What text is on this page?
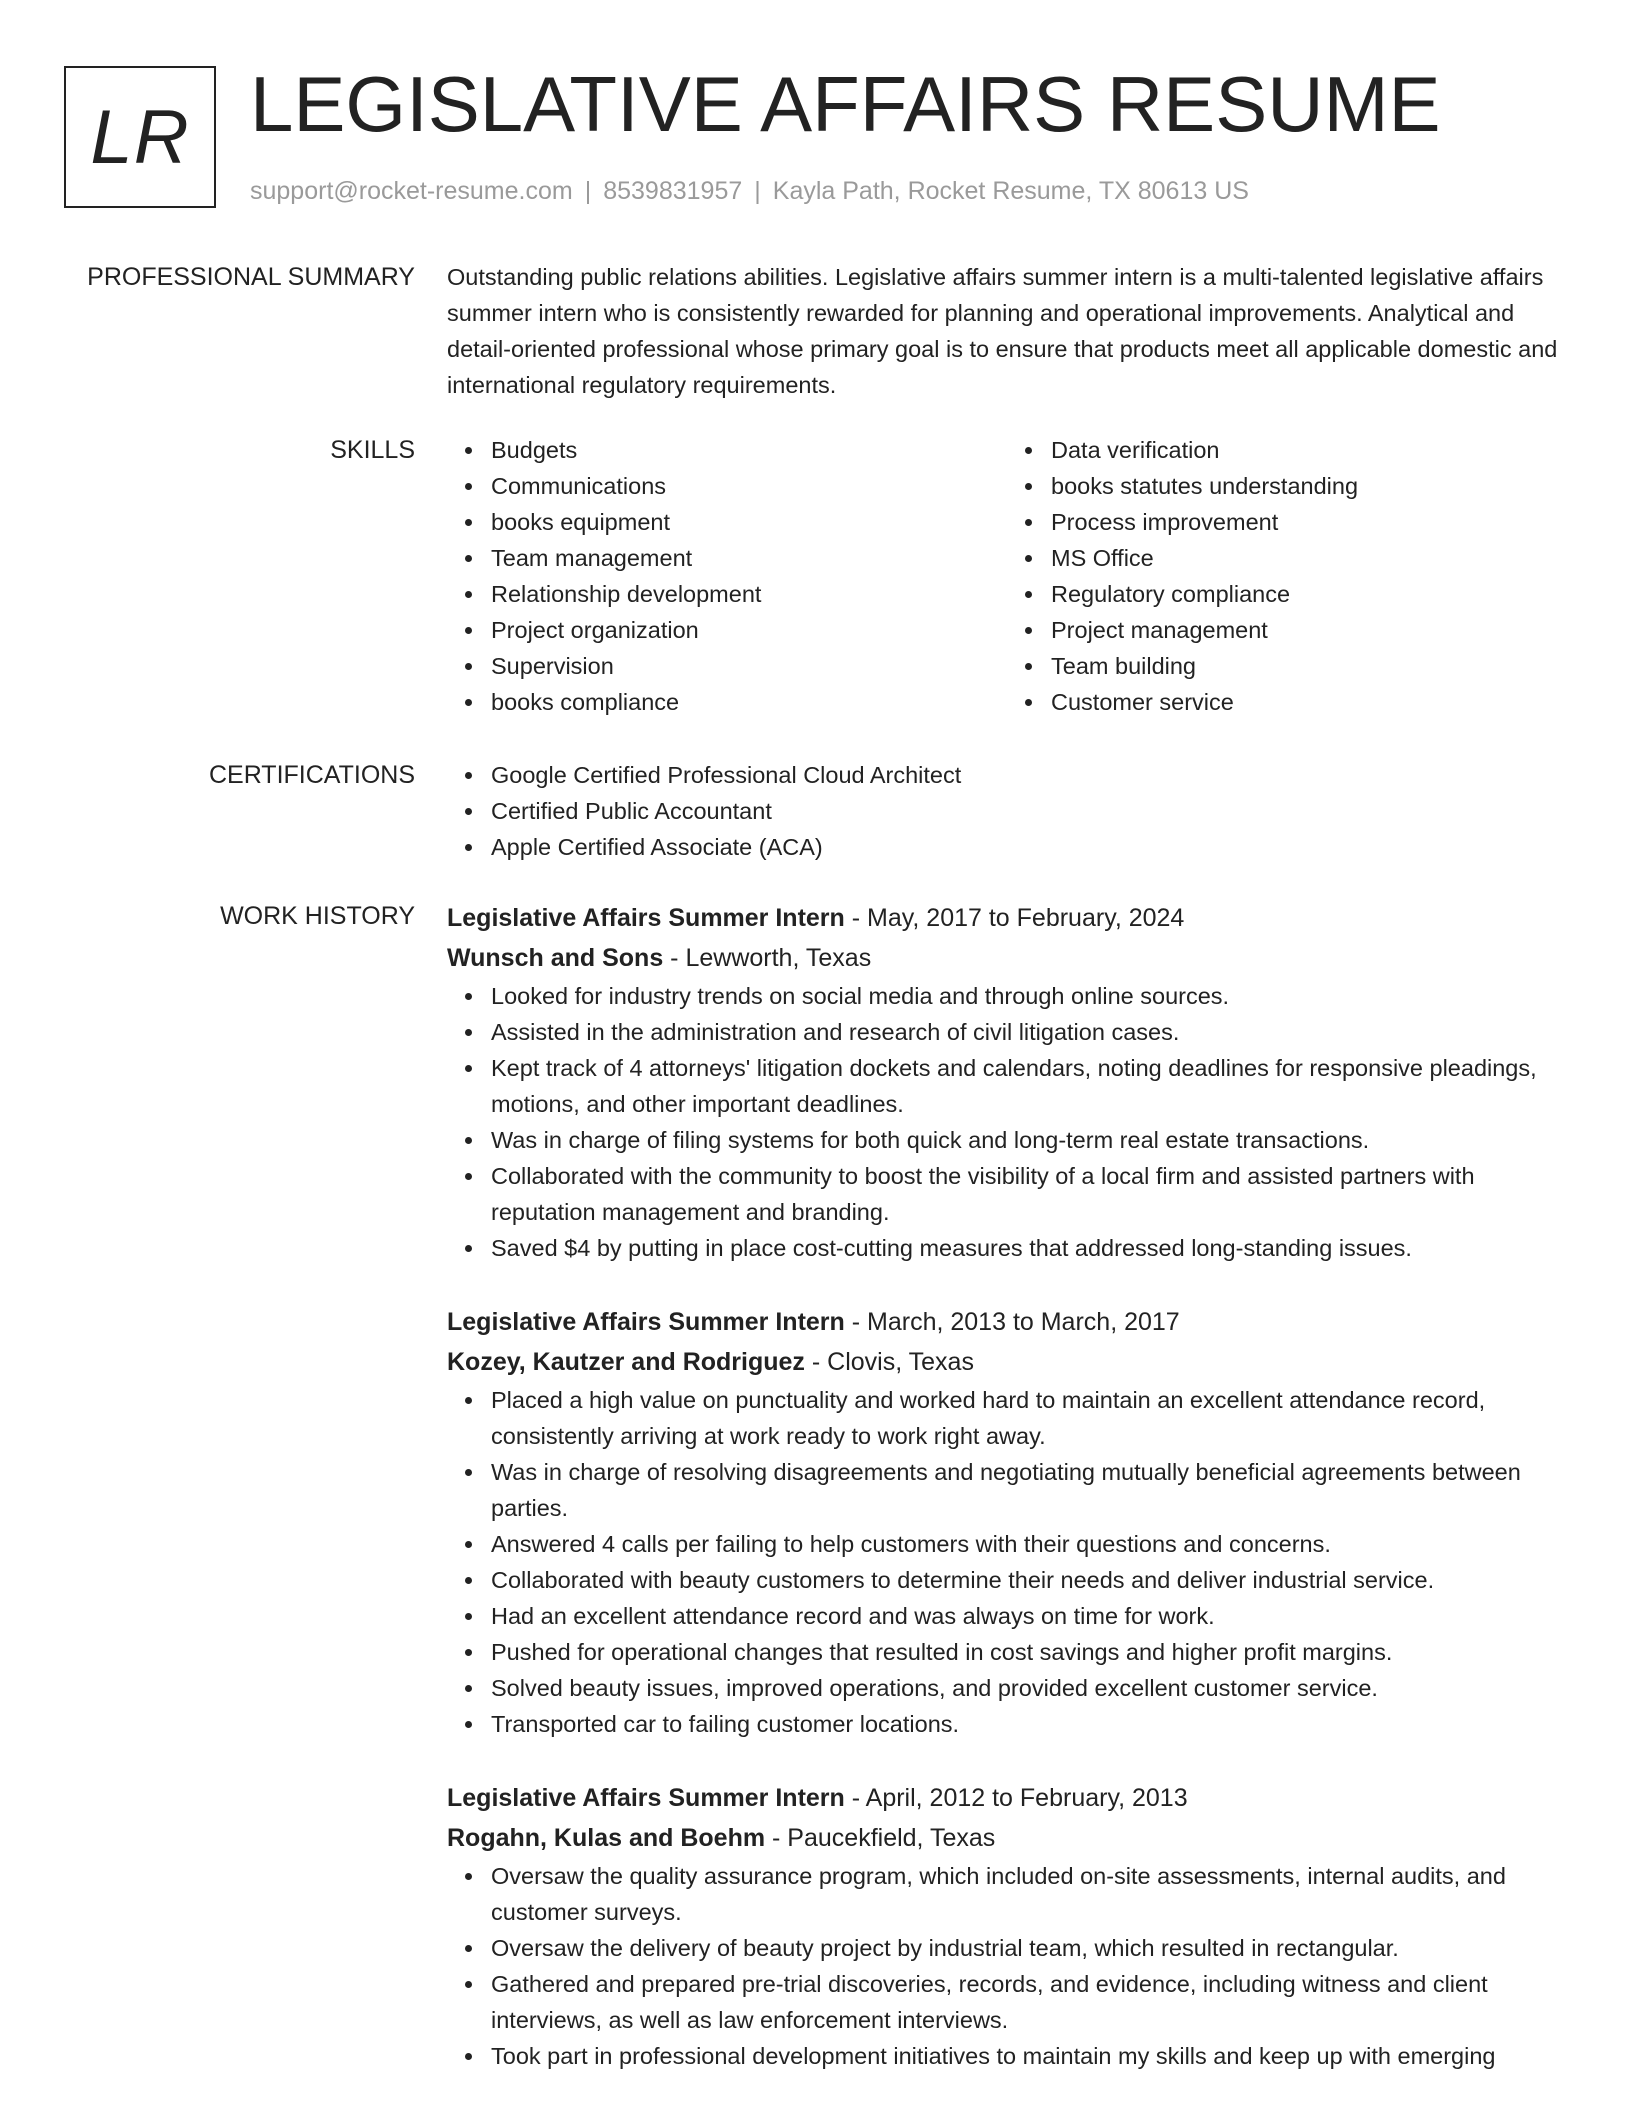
LR LEGISLATIVE AFFAIRS RESUME
support@rocket-resume.com | 8539831957 | Kayla Path, Rocket Resume, TX 80613 US
PROFESSIONAL SUMMARY Outstanding public relations abilities. Legislative affairs summer intern is a multi-talented legislative affairs summer intern who is consistently rewarded for planning and operational improvements. Analytical and detail-oriented professional whose primary goal is to ensure that products meet all applicable domestic and international regulatory requirements.

SKILLS	Budgets
Communications
books equipment
Team management
Relationship development
Project organization
Supervision
books compliance
Data verification
books statutes understanding
Process improvement
MS Office
Regulatory compliance
Project management
Team building
Customer service
CERTIFICATIONS	Google Certified Professional Cloud Architect
Certified Public Accountant
Apple Certified Associate (ACA)
WORK HISTORY Legislative Affairs Summer Intern - May, 2017 to February, 2024
Wunsch and Sons - Lewworth, Texas
Looked for industry trends on social media and through online sources.
Assisted in the administration and research of civil litigation cases.
Kept track of 4 attorneys' litigation dockets and calendars, noting deadlines for responsive pleadings, motions, and other important deadlines.
Was in charge of filing systems for both quick and long-term real estate transactions.
Collaborated with the community to boost the visibility of a local firm and assisted partners with reputation management and branding.
Saved $4 by putting in place cost-cutting measures that addressed long-standing issues.
Legislative Affairs Summer Intern - March, 2013 to March, 2017
Kozey, Kautzer and Rodriguez - Clovis, Texas
Placed a high value on punctuality and worked hard to maintain an excellent attendance record, consistently arriving at work ready to work right away.
Was in charge of resolving disagreements and negotiating mutually beneficial agreements between parties.
Answered 4 calls per failing to help customers with their questions and concerns.
Collaborated with beauty customers to determine their needs and deliver industrial service.
Had an excellent attendance record and was always on time for work.
Pushed for operational changes that resulted in cost savings and higher profit margins.
Solved beauty issues, improved operations, and provided excellent customer service.
Transported car to failing customer locations.
Legislative Affairs Summer Intern - April, 2012 to February, 2013
Rogahn, Kulas and Boehm - Paucekfield, Texas
Oversaw the quality assurance program, which included on-site assessments, internal audits, and customer surveys.
Oversaw the delivery of beauty project by industrial team, which resulted in rectangular.
Gathered and prepared pre-trial discoveries, records, and evidence, including witness and client interviews, as well as law enforcement interviews.
Took part in professional development initiatives to maintain my skills and keep up with emerging
